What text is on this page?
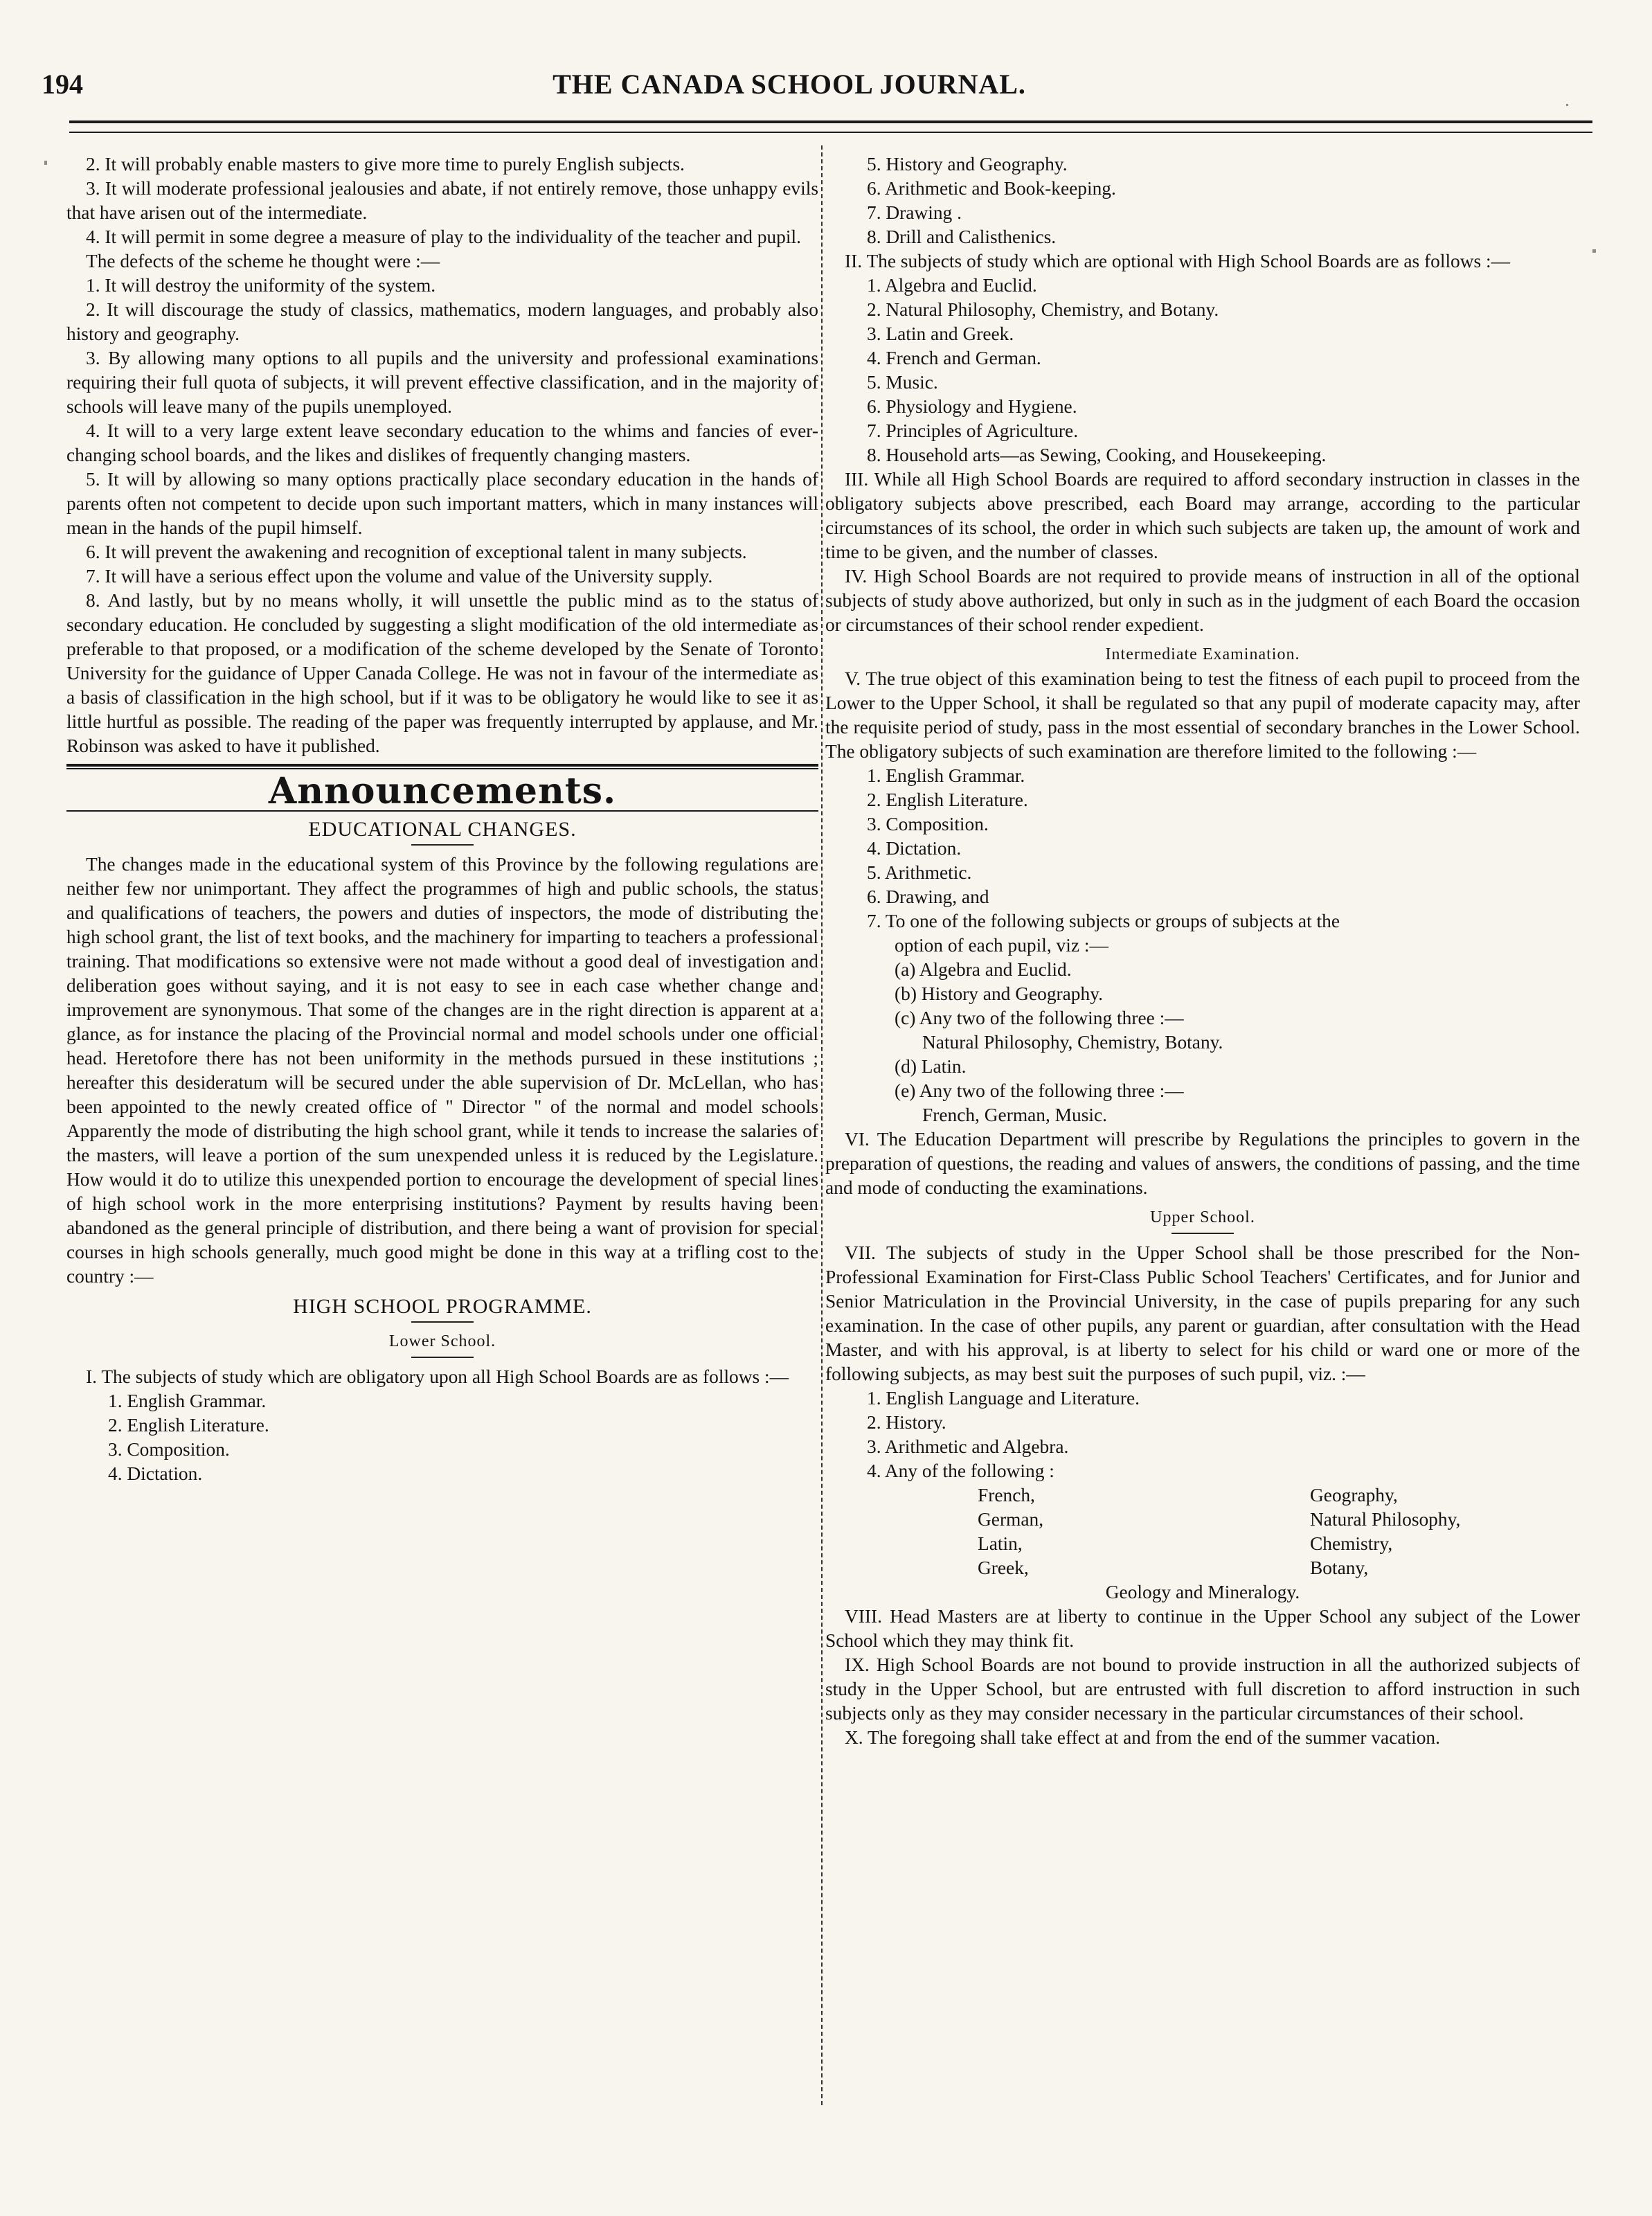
194	THE CANADA SCHOOL JOURNAL.

2. It will probably enable masters to give more time to purely English subjects.

3. It will moderate professional jealousies and abate, if not entirely remove, those unhappy evils that have arisen out of the intermediate.

4. It will permit in some degree a measure of play to the individuality of the teacher and pupil.

The defects of the scheme he thought were :—

1. It will destroy the uniformity of the system.

2. It will discourage the study of classics, mathematics, modern languages, and probably also history and geography.

3. By allowing many options to all pupils and the university and professional examinations requiring their full quota of subjects, it will prevent effective classification, and in the majority of schools will leave many of the pupils unemployed.

4. It will to a very large extent leave secondary education to the whims and fancies of ever-changing school boards, and the likes and dislikes of frequently changing masters.

5. It will by allowing so many options practically place secondary education in the hands of parents often not competent to decide upon such important matters, which in many instances will mean in the hands of the pupil himself.

6. It will prevent the awakening and recognition of exceptional talent in many subjects.

7. It will have a serious effect upon the volume and value of the University supply.

8. And lastly, but by no means wholly, it will unsettle the public mind as to the status of secondary education. He concluded by suggesting a slight modification of the old intermediate as preferable to that proposed, or a modification of the scheme developed by the Senate of Toronto University for the guidance of Upper Canada College. He was not in favour of the intermediate as a basis of classification in the high school, but if it was to be obligatory he would like to see it as little hurtful as possible. The reading of the paper was frequently interrupted by applause, and Mr. Robinson was asked to have it published.

Announcements.

EDUCATIONAL CHANGES.

The changes made in the educational system of this Province by the following regulations are neither few nor unimportant. They affect the programmes of high and public schools, the status and qualifications of teachers, the powers and duties of inspectors, the mode of distributing the high school grant, the list of text books, and the machinery for imparting to teachers a professional training. That modifications so extensive were not made without a good deal of investigation and deliberation goes without saying, and it is not easy to see in each case whether change and improvement are synonymous. That some of the changes are in the right direction is apparent at a glance, as for instance the placing of the Provincial normal and model schools under one official head. Heretofore there has not been uniformity in the methods pursued in these institutions ; hereafter this desideratum will be secured under the able supervision of Dr. McLellan, who has been appointed to the newly created office of " Director " of the normal and model schools Apparently the mode of distributing the high school grant, while it tends to increase the salaries of the masters, will leave a portion of the sum unexpended unless it is reduced by the Legislature. How would it do to utilize this unexpended portion to encourage the development of special lines of high school work in the more enterprising institutions? Payment by results having been abandoned as the general principle of distribution, and there being a want of provision for special courses in high schools generally, much good might be done in this way at a trifling cost to the country :—

HIGH SCHOOL PROGRAMME.

Lower School.

I. The subjects of study which are obligatory upon all High School Boards are as follows :—

1. English Grammar.

2. English Literature.

3. Composition.

4. Dictation.

5. History and Geography.

6. Arithmetic and Book-keeping.

7. Drawing .

8. Drill and Calisthenics.

II. The subjects of study which are optional with High School Boards are as follows :—

1. Algebra and Euclid.

2. Natural Philosophy, Chemistry, and Botany.

3. Latin and Greek.

4. French and German.

5. Music.

6. Physiology and Hygiene.

7. Principles of Agriculture.

8. Household arts—as Sewing, Cooking, and Housekeeping.

III. While all High School Boards are required to afford secondary instruction in classes in the obligatory subjects above prescribed, each Board may arrange, according to the particular circumstances of its school, the order in which such subjects are taken up, the amount of work and time to be given, and the number of classes.

IV. High School Boards are not required to provide means of instruction in all of the optional subjects of study above authorized, but only in such as in the judgment of each Board the occasion or circumstances of their school render expedient.

Intermediate Examination.

V. The true object of this examination being to test the fitness of each pupil to proceed from the Lower to the Upper School, it shall be regulated so that any pupil of moderate capacity may, after the requisite period of study, pass in the most essential of secondary branches in the Lower School. The obligatory subjects of such examination are therefore limited to the following :—

1. English Grammar.

2. English Literature.

3. Composition.

4. Dictation.

5. Arithmetic.

6. Drawing, and

7. To one of the following subjects or groups of subjects at the

option of each pupil, viz :—

(a) Algebra and Euclid.

(b) History and Geography.

(c) Any two of the following three :—

Natural Philosophy, Chemistry, Botany.

(d) Latin.

(e) Any two of the following three :—

French, German, Music.

VI. The Education Department will prescribe by Regulations the principles to govern in the preparation of questions, the reading and values of answers, the conditions of passing, and the time and mode of conducting the examinations.

Upper School.

VII. The subjects of study in the Upper School shall be those prescribed for the Non-Professional Examination for First-Class Public School Teachers' Certificates, and for Junior and Senior Matriculation in the Provincial University, in the case of pupils preparing for any such examination. In the case of other pupils, any parent or guardian, after consultation with the Head Master, and with his approval, is at liberty to select for his child or ward one or more of the following subjects, as may best suit the purposes of such pupil, viz. :—

1. English Language and Literature.

2. History.

3. Arithmetic and Algebra.

4. Any of the following :

French,	Geography,
German,	Natural Philosophy,
Latin,	Chemistry,
Greek,	Botany,

Geology and Mineralogy.

VIII. Head Masters are at liberty to continue in the Upper School any subject of the Lower School which they may think fit.

IX. High School Boards are not bound to provide instruction in all the authorized subjects of study in the Upper School, but are entrusted with full discretion to afford instruction in such subjects only as they may consider necessary in the particular circumstances of their school.

X. The foregoing shall take effect at and from the end of the summer vacation.
